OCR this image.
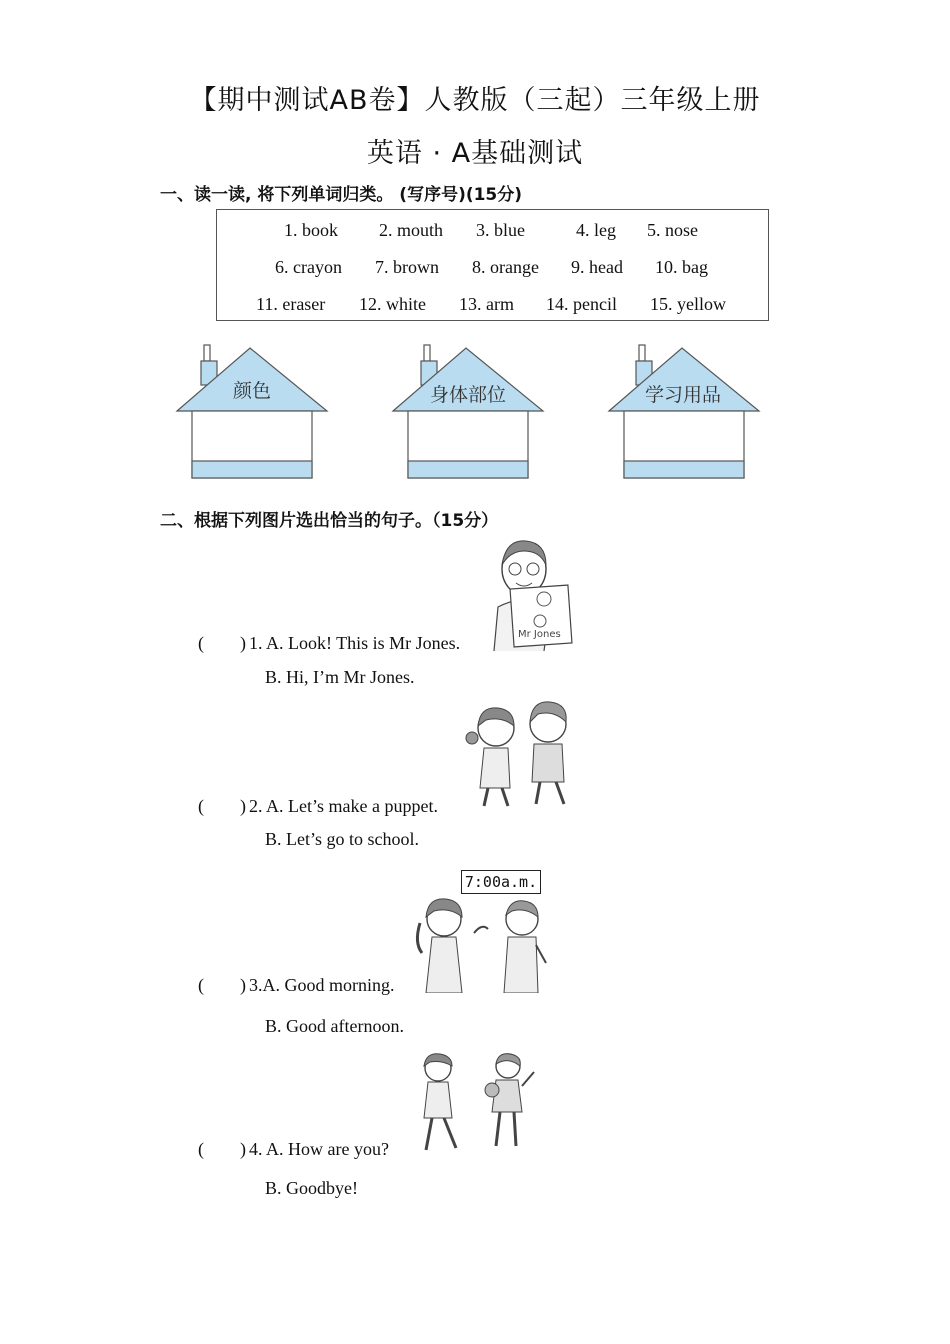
【期中测试AB卷】人教版（三起）三年级上册
英语 · A基础测试
一、读一读, 将下列单词归类。 (写序号)(15分)
1. book 2. mouth 3. blue	4. leg 5. nose
6. crayon 7. brown 8. orange 9. head 10. bag
11. eraser 12. white 13. arm 14. pencil 15. yellow
颜色	身体部位	学习用品
二、根据下列图片选出恰当的句子。（15分）
Mr Jones
( ) 1. A. Look! This is Mr Jones.
B. Hi, I’m Mr Jones.
( ) 2. A. Let’s make a puppet.
B. Let’s go to school.
7:00a.m.
( ) 3.A. Good morning.
B. Good afternoon.
( ) 4. A. How are you?
B. Goodbye!
